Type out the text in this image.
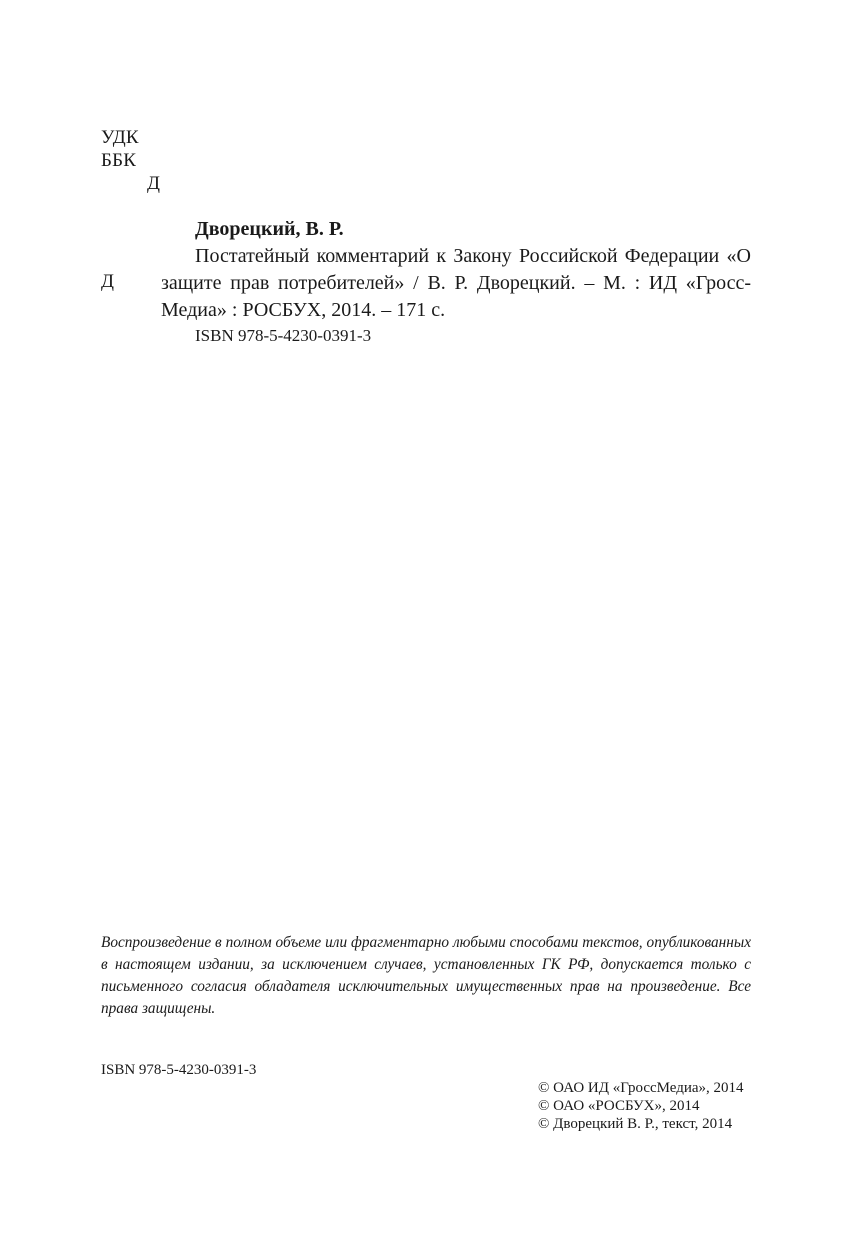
УДК
ББК
Д
Д
Дворецкий, В. Р.
Постатейный комментарий к Закону Российской Федерации «О защите прав потребителей» / В. Р. Дворецкий. – М. : ИД «Гросс-Медиа» : РОСБУХ, 2014. – 171 с.
ISBN 978-5-4230-0391-3
Воспроизведение в полном объеме или фрагментарно любыми способами текстов, опубликованных в настоящем издании, за исключением случаев, установленных ГК РФ, допускается только с письменного согласия обладателя исключительных имущественных прав на произведение. Все права защищены.
ISBN 978-5-4230-0391-3
© ОАО ИД «ГроссМедиа», 2014
© ОАО «РОСБУХ», 2014
© Дворецкий В. Р., текст, 2014
